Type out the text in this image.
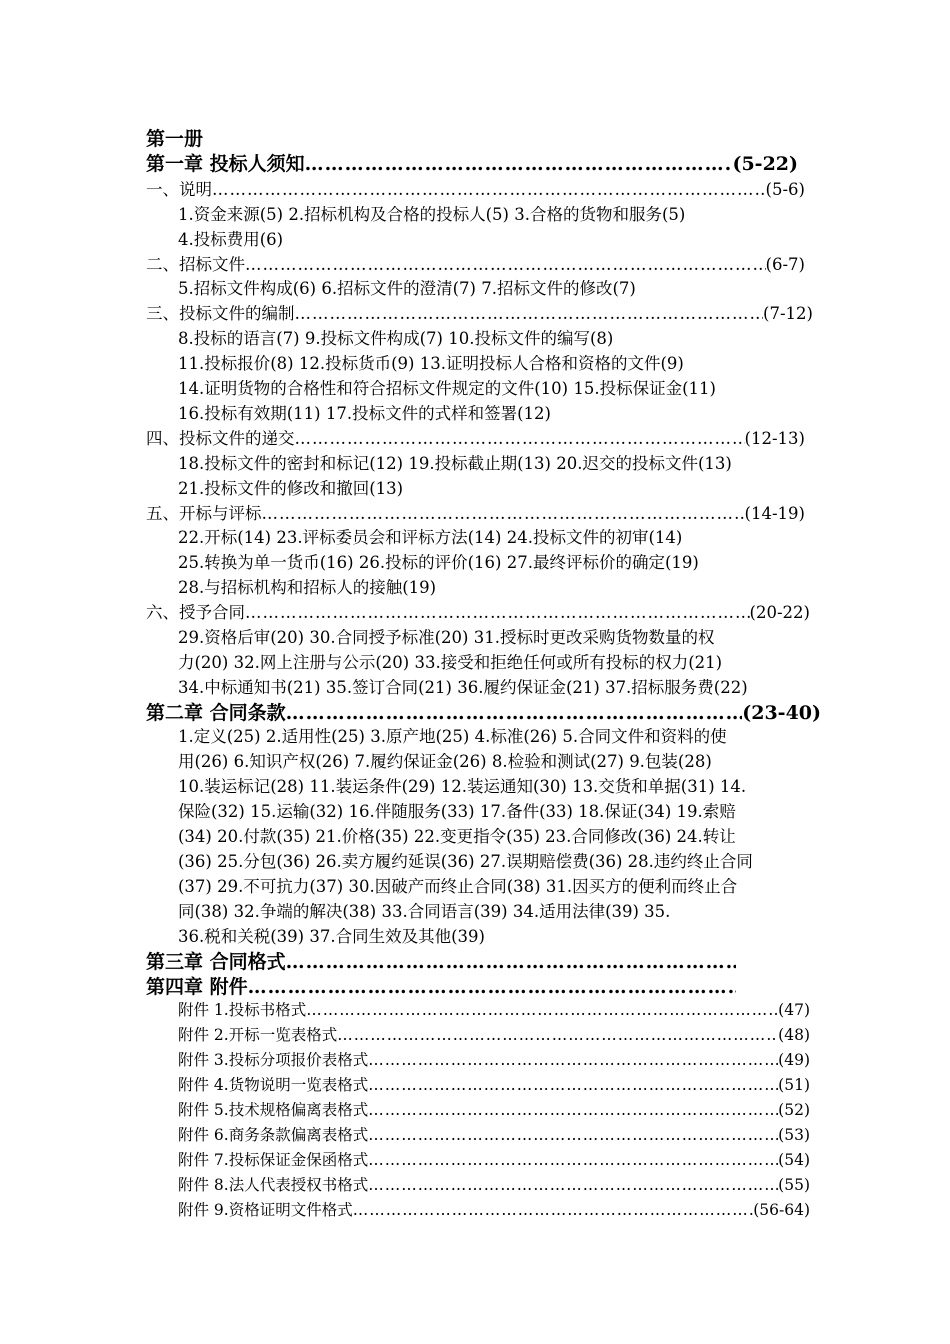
第一册
第一章 投标人须知 ………………………………………………………………………………………………………………………………………………………………………………………………………………	(5-22)
一、说明 ………………………………………………………………………………………………………………………………………………………………………………………………………………	(5-6)
1.资金来源(5) 2.招标机构及合格的投标人(5) 3.合格的货物和服务(5)
4.投标费用(6)
二、招标文件 ………………………………………………………………………………………………………………………………………………………………………………………………………………	(6-7)
5.招标文件构成(6) 6.招标文件的澄清(7) 7.招标文件的修改(7)
三、投标文件的编制 ………………………………………………………………………………………………………………………………………………………………………………………………………………	(7-12)
8.投标的语言(7) 9.投标文件构成(7) 10.投标文件的编写(8)
11.投标报价(8) 12.投标货币(9) 13.证明投标人合格和资格的文件(9)
14.证明货物的合格性和符合招标文件规定的文件(10) 15.投标保证金(11)
16.投标有效期(11) 17.投标文件的式样和签署(12)
四、投标文件的递交 ………………………………………………………………………………………………………………………………………………………………………………………………………………	(12-13)
18.投标文件的密封和标记(12) 19.投标截止期(13) 20.迟交的投标文件(13)
21.投标文件的修改和撤回(13)
五、开标与评标 ………………………………………………………………………………………………………………………………………………………………………………………………………………	(14-19)
22.开标(14) 23.评标委员会和评标方法(14) 24.投标文件的初审(14)
25.转换为单一货币(16) 26.投标的评价(16) 27.最终评标价的确定(19)
28.与招标机构和招标人的接触(19)
六、授予合同 ………………………………………………………………………………………………………………………………………………………………………………………………………………	(20-22)
29.资格后审(20) 30.合同授予标准(20) 31.授标时更改采购货物数量的权
力(20) 32.网上注册与公示(20) 33.接受和拒绝任何或所有投标的权力(21)
34.中标通知书(21) 35.签订合同(21) 36.履约保证金(21) 37.招标服务费(22)
第二章 合同条款 ………………………………………………………………………………………………………………………………………………………………………………………………………………	(23-40)
1.定义(25) 2.适用性(25) 3.原产地(25) 4.标准(26) 5.合同文件和资料的使
用(26) 6.知识产权(26) 7.履约保证金(26) 8.检验和测试(27) 9.包装(28)
10.装运标记(28) 11.装运条件(29) 12.装运通知(30) 13.交货和单据(31) 14.
保险(32) 15.运输(32) 16.伴随服务(33) 17.备件(33) 18.保证(34) 19.索赔
(34) 20.付款(35) 21.价格(35) 22.变更指令(35) 23.合同修改(36) 24.转让
(36) 25.分包(36) 26.卖方履约延误(36) 27.误期赔偿费(36) 28.违约终止合同
(37) 29.不可抗力(37) 30.因破产而终止合同(38) 31.因买方的便利而终止合
同(38) 32.争端的解决(38) 33.合同语言(39) 34.适用法律(39) 35.
36.税和关税(39) 37.合同生效及其他(39)
第三章 合同格式
………………………………………………………………………………………………………………………………………………………………………………………………………………
第四章 附件
………………………………………………………………………………………………………………………………………………………………………………………………………………
附件 1.投标书格式 ………………………………………………………………………………………………………………………………………………………………………………………………………………	(47)
附件 2.开标一览表格式 ………………………………………………………………………………………………………………………………………………………………………………………………………………	(48)
附件 3.投标分项报价表格式 ………………………………………………………………………………………………………………………………………………………………………………………………………………	(49)
附件 4.货物说明一览表格式 ………………………………………………………………………………………………………………………………………………………………………………………………………………	(51)
附件 5.技术规格偏离表格式 ………………………………………………………………………………………………………………………………………………………………………………………………………………	(52)
附件 6.商务条款偏离表格式 ………………………………………………………………………………………………………………………………………………………………………………………………………………	(53)
附件 7.投标保证金保函格式 ………………………………………………………………………………………………………………………………………………………………………………………………………………	(54)
附件 8.法人代表授权书格式 ………………………………………………………………………………………………………………………………………………………………………………………………………………	(55)
附件 9.资格证明文件格式 ………………………………………………………………………………………………………………………………………………………………………………………………………………	(56-64)
